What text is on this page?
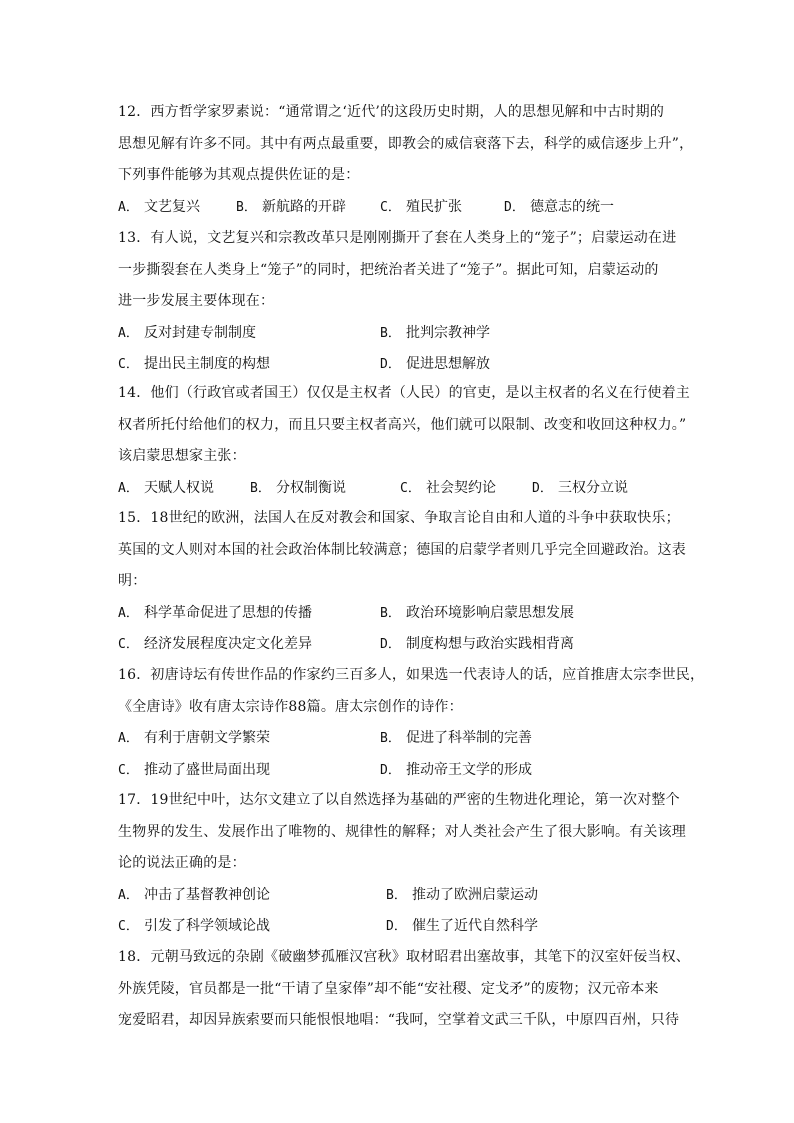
12．西方哲学家罗素说：“通常谓之‘近代’的这段历史时期，人的思想见解和中古时期的
思想见解有许多不同。其中有两点最重要，即教会的威信衰落下去，科学的威信逐步上升”，
下列事件能够为其观点提供佐证的是：
A． 文艺复兴	B． 新航路的开辟	C． 殖民扩张	D． 德意志的统一
13．有人说，文艺复兴和宗教改革只是刚刚撕开了套在人类身上的“笼子”；启蒙运动在进
一步撕裂套在人类身上“笼子”的同时，把统治者关进了“笼子”。据此可知，启蒙运动的
进一步发展主要体现在：
A． 反对封建专制制度	B． 批判宗教神学
C． 提出民主制度的构想	D． 促进思想解放
14．他们（行政官或者国王）仅仅是主权者（人民）的官吏，是以主权者的名义在行使着主
权者所托付给他们的权力，而且只要主权者高兴，他们就可以限制、改变和收回这种权力。”
该启蒙思想家主张：
A． 天赋人权说	B． 分权制衡说	C． 社会契约论	D． 三权分立说
15．18世纪的欧洲，法国人在反对教会和国家、争取言论自由和人道的斗争中获取快乐；
英国的文人则对本国的社会政治体制比较满意；德国的启蒙学者则几乎完全回避政治。这表
明：
A． 科学革命促进了思想的传播	B． 政治环境影响启蒙思想发展
C． 经济发展程度决定文化差异	D． 制度构想与政治实践相背离
16．初唐诗坛有传世作品的作家约三百多人，如果选一代表诗人的话，应首推唐太宗李世民，
《全唐诗》收有唐太宗诗作88篇。唐太宗创作的诗作：
A． 有利于唐朝文学繁荣	B． 促进了科举制的完善
C． 推动了盛世局面出现	D． 推动帝王文学的形成
17．19世纪中叶，达尔文建立了以自然选择为基础的严密的生物进化理论，第一次对整个
生物界的发生、发展作出了唯物的、规律性的解释；对人类社会产生了很大影响。有关该理
论的说法正确的是：
A． 冲击了基督教神创论	B． 推动了欧洲启蒙运动
C． 引发了科学领域论战	D． 催生了近代自然科学
18．元朝马致远的杂剧《破幽梦孤雁汉宫秋》取材昭君出塞故事，其笔下的汉室奸佞当权、
外族凭陵，官员都是一批“干请了皇家俸”却不能“安社稷、定戈矛”的废物；汉元帝本来
宠爱昭君，却因异族索要而只能恨恨地唱：“我呵，空掌着文武三千队，中原四百州，只待
